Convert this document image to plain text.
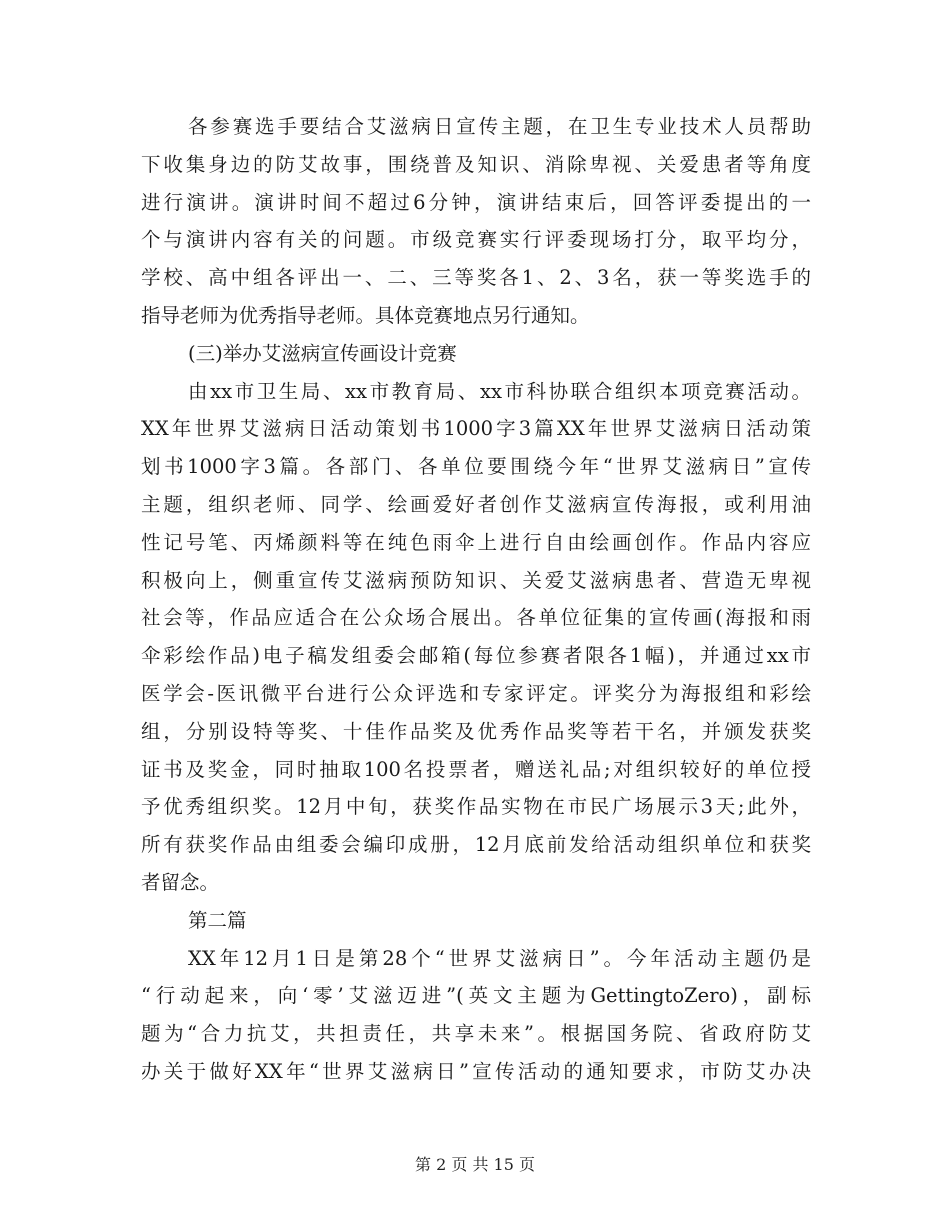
各参赛选手要结合艾滋病日宣传主题，在卫生专业技术人员帮助
下收集身边的防艾故事，围绕普及知识、消除卑视、关爱患者等角度
进行演讲。演讲时间不超过6分钟，演讲结束后，回答评委提出的一
个与演讲内容有关的问题。市级竞赛实行评委现场打分，取平均分，
学校、高中组各评出一、二、三等奖各1、2、3名，获一等奖选手的
指导老师为优秀指导老师。具体竞赛地点另行通知。
(三)举办艾滋病宣传画设计竞赛
由xx市卫生局、xx市教育局、xx市科协联合组织本项竞赛活动。
XX年世界艾滋病日活动策划书1000字3篇XX年世界艾滋病日活动策
划书1000字3篇。各部门、各单位要围绕今年“世界艾滋病日”宣传
主题，组织老师、同学、绘画爱好者创作艾滋病宣传海报，或利用油
性记号笔、丙烯颜料等在纯色雨伞上进行自由绘画创作。作品内容应
积极向上，侧重宣传艾滋病预防知识、关爱艾滋病患者、营造无卑视
社会等，作品应适合在公众场合展出。各单位征集的宣传画(海报和雨
伞彩绘作品)电子稿发组委会邮箱(每位参赛者限各1幅)，并通过xx市
医学会-医讯微平台进行公众评选和专家评定。评奖分为海报组和彩绘
组，分别设特等奖、十佳作品奖及优秀作品奖等若干名，并颁发获奖
证书及奖金，同时抽取100名投票者，赠送礼品;对组织较好的单位授
予优秀组织奖。12月中旬，获奖作品实物在市民广场展示3天;此外，
所有获奖作品由组委会编印成册，12月底前发给活动组织单位和获奖
者留念。
第二篇
XX年12月1日是第28个“世界艾滋病日”。今年活动主题仍是
“行动起来，向‘零’艾滋迈进”(英文主题为GettingtoZero)，副标
题为“合力抗艾，共担责任，共享未来”。根据国务院、省政府防艾
办关于做好XX年“世界艾滋病日”宣传活动的通知要求，市防艾办决
第 2 页 共 15 页
